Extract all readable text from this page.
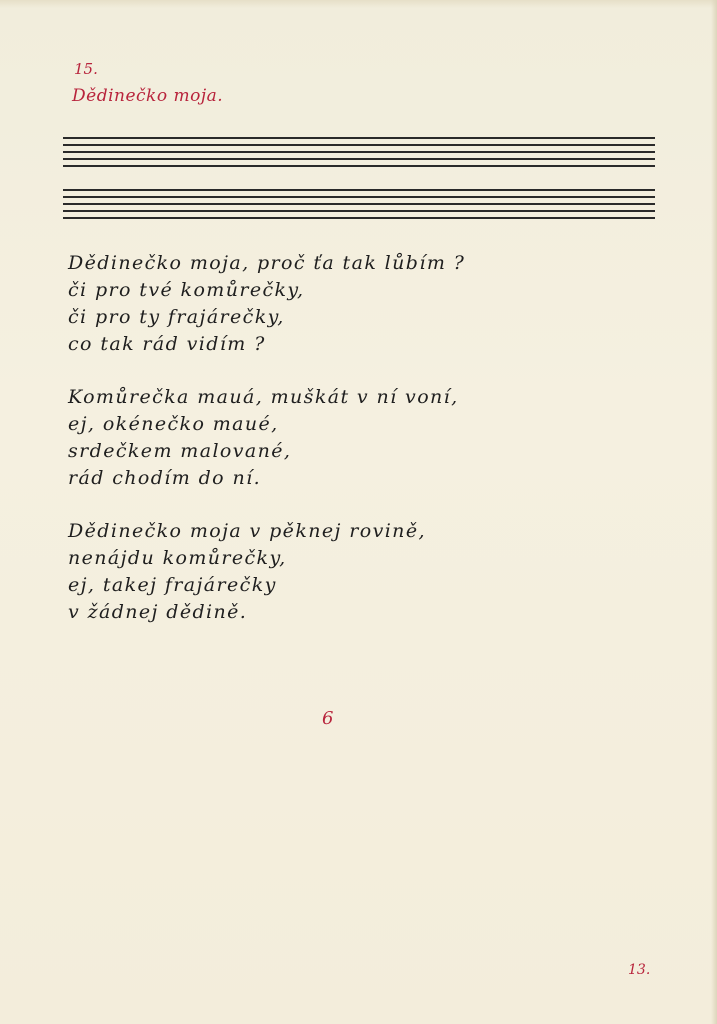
15.
Dědinečko moja.
Dědinečko moja, proč ťa tak lůbím ?
či pro tvé komůrečky,
či pro ty frajárečky,
co tak rád vidím ?
Komůrečka mauá, muškát v ní voní,
ej, okénečko maué,
srdečkem malované,
rád chodím do ní.
Dědinečko moja v pěknej rovině,
nenájdu komůrečky,
ej, takej frajárečky
v žádnej dědině.
6
13.
